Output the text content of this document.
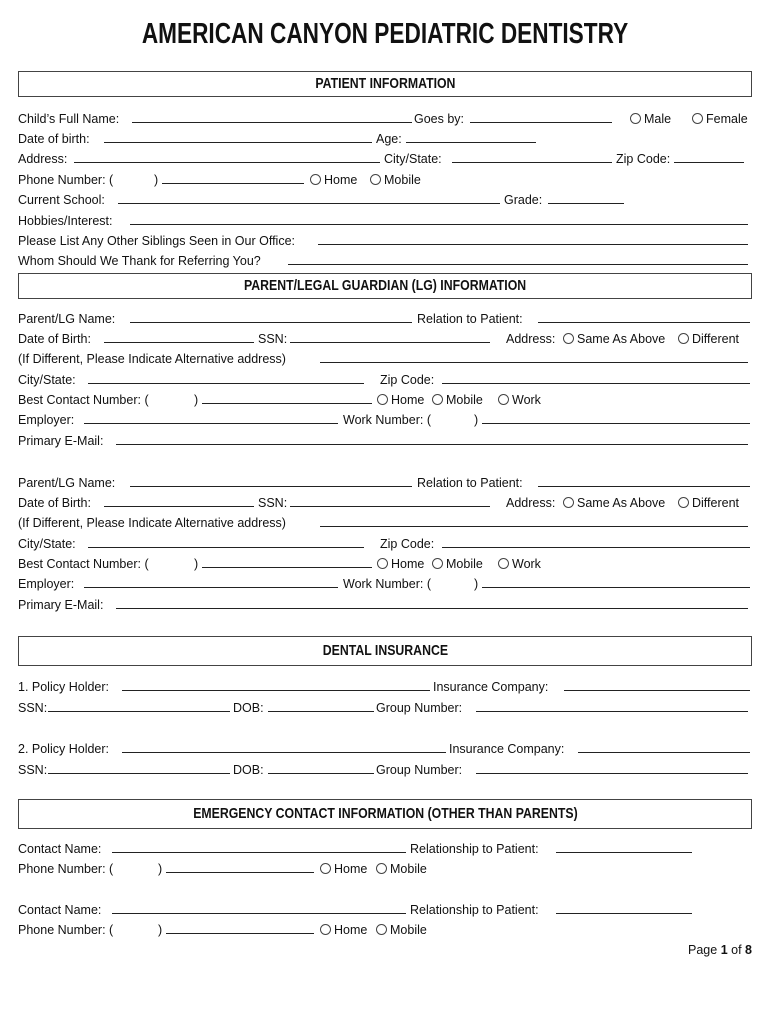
AMERICAN CANYON PEDIATRIC DENTISTRY
PATIENT INFORMATION
Child’s Full Name:	Goes by:	Male	Female
Date of birth:	Age:
Address:	City/State:	Zip Code:
Phone Number: (	)	Home	Mobile
Current School:	Grade:
Hobbies/Interest:
Please List Any Other Siblings Seen in Our Office:
Whom Should We Thank for Referring You?
PARENT/LEGAL GUARDIAN (LG) INFORMATION
Parent/LG Name:	Relation to Patient:
Date of Birth:	SSN:	Address:	Same As Above	Different
(If Different, Please Indicate Alternative address)
City/State:	Zip Code:
Best Contact Number: (	)	Home	Mobile	Work
Employer:	Work Number: (	)
Primary E-Mail:
Parent/LG Name:	Relation to Patient:
Date of Birth:	SSN:	Address:	Same As Above	Different
(If Different, Please Indicate Alternative address)
City/State:	Zip Code:
Best Contact Number: (	)	Home	Mobile	Work
Employer:	Work Number: (	)
Primary E-Mail:
DENTAL INSURANCE
1. Policy Holder:	Insurance Company:
SSN:	DOB:	Group Number:
2. Policy Holder:	Insurance Company:
SSN:	DOB:	Group Number:
EMERGENCY CONTACT INFORMATION (OTHER THAN PARENTS)
Contact Name:	Relationship to Patient:
Phone Number: (	)	Home	Mobile
Contact Name:	Relationship to Patient:
Phone Number: (	)	Home	Mobile
Page 1 of 8
